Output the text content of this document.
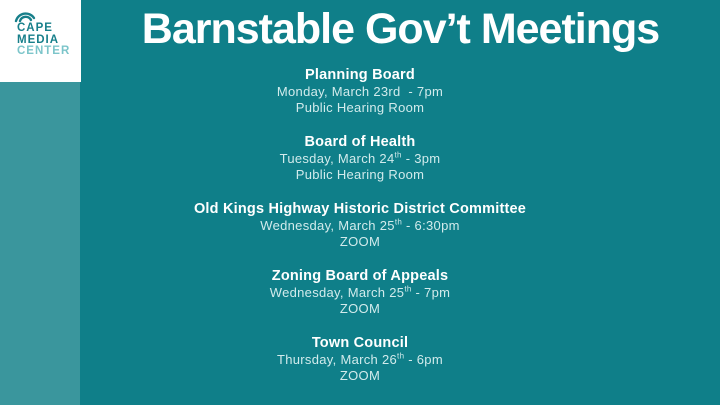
CAPE
MEDIA
CENTER	Barnstable Gov’t Meetings
Planning Board
Monday, March 23rd  - 7pm
Public Hearing Room
Board of Health
Tuesday, March 24th - 3pm
Public Hearing Room
Old Kings Highway Historic District Committee
Wednesday, March 25th - 6:30pm
ZOOM
Zoning Board of Appeals
Wednesday, March 25th - 7pm
ZOOM
Town Council
Thursday, March 26th - 6pm
ZOOM
